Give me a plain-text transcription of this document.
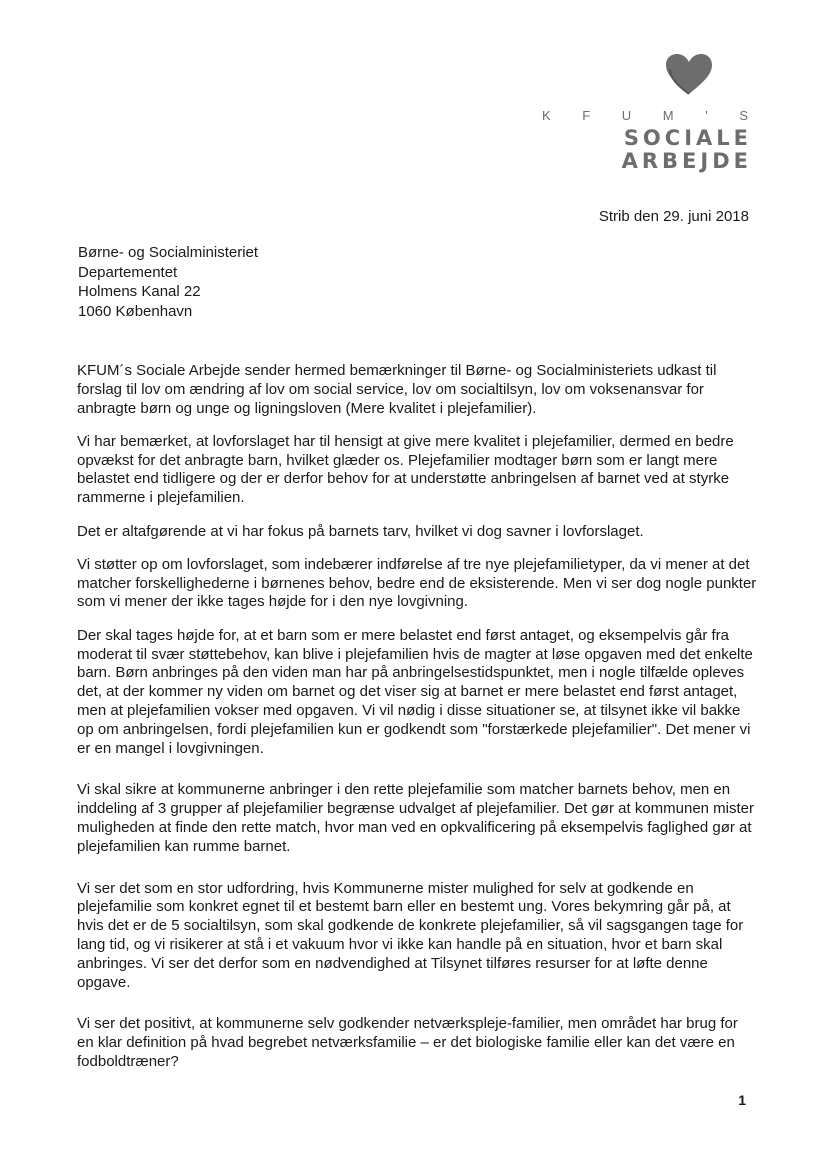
K F U M ' S
SOCIALE
ARBEJDE
Strib den 29. juni 2018
Børne- og Socialministeriet
Departementet
Holmens Kanal 22
1060 København

KFUM´s Sociale Arbejde sender hermed bemærkninger til Børne- og Socialministeriets udkast til forslag til lov om ændring af lov om social service, lov om socialtilsyn, lov om voksenansvar for anbragte børn og unge og ligningsloven (Mere kvalitet i plejefamilier).

Vi har bemærket, at lovforslaget har til hensigt at give mere kvalitet i plejefamilier, dermed en bedre opvækst for det anbragte barn, hvilket glæder os. Plejefamilier modtager børn som er langt mere belastet end tidligere og der er derfor behov for at understøtte anbringelsen af barnet ved at styrke rammerne i plejefamilien.

Det er altafgørende at vi har fokus på barnets tarv, hvilket vi dog savner i lovforslaget.

Vi støtter op om lovforslaget, som indebærer indførelse af tre nye plejefamilietyper, da vi mener at det matcher forskellighederne i børnenes behov, bedre end de eksisterende. Men vi ser dog nogle punkter som vi mener der ikke tages højde for i den nye lovgivning.

Der skal tages højde for, at et barn som er mere belastet end først antaget, og eksempelvis går fra moderat til svær støttebehov, kan blive i plejefamilien hvis de magter at løse opgaven med det enkelte barn. Børn anbringes på den viden man har på anbringelsestidspunktet, men i nogle tilfælde opleves det, at der kommer ny viden om barnet og det viser sig at barnet er mere belastet end først antaget, men at plejefamilien vokser med opgaven. Vi vil nødig i disse situationer se, at tilsynet ikke vil bakke op om anbringelsen, fordi plejefamilien kun er godkendt som "forstærkede plejefamilier". Det mener vi er en mangel i lovgivningen.

Vi skal sikre at kommunerne anbringer i den rette plejefamilie som matcher barnets behov, men en inddeling af 3 grupper af plejefamilier begrænse udvalget af plejefamilier. Det gør at kommunen mister muligheden at finde den rette match, hvor man ved en opkvalificering på eksempelvis faglighed gør at plejefamilien kan rumme barnet.

Vi ser det som en stor udfordring, hvis Kommunerne mister mulighed for selv at godkende en plejefamilie som konkret egnet til et bestemt barn eller en bestemt ung. Vores bekymring går på, at hvis det er de 5 socialtilsyn, som skal godkende de konkrete plejefamilier, så vil sagsgangen tage for lang tid, og vi risikerer at stå i et vakuum hvor vi ikke kan handle på en situation, hvor et barn skal anbringes. Vi ser det derfor som en nødvendighed at Tilsynet tilføres resurser for at løfte denne opgave.

Vi ser det positivt, at kommunerne selv godkender netværkspleje-familier, men området har brug for en klar definition på hvad begrebet netværksfamilie – er det biologiske familie eller kan det være en fodboldtræner?

1
